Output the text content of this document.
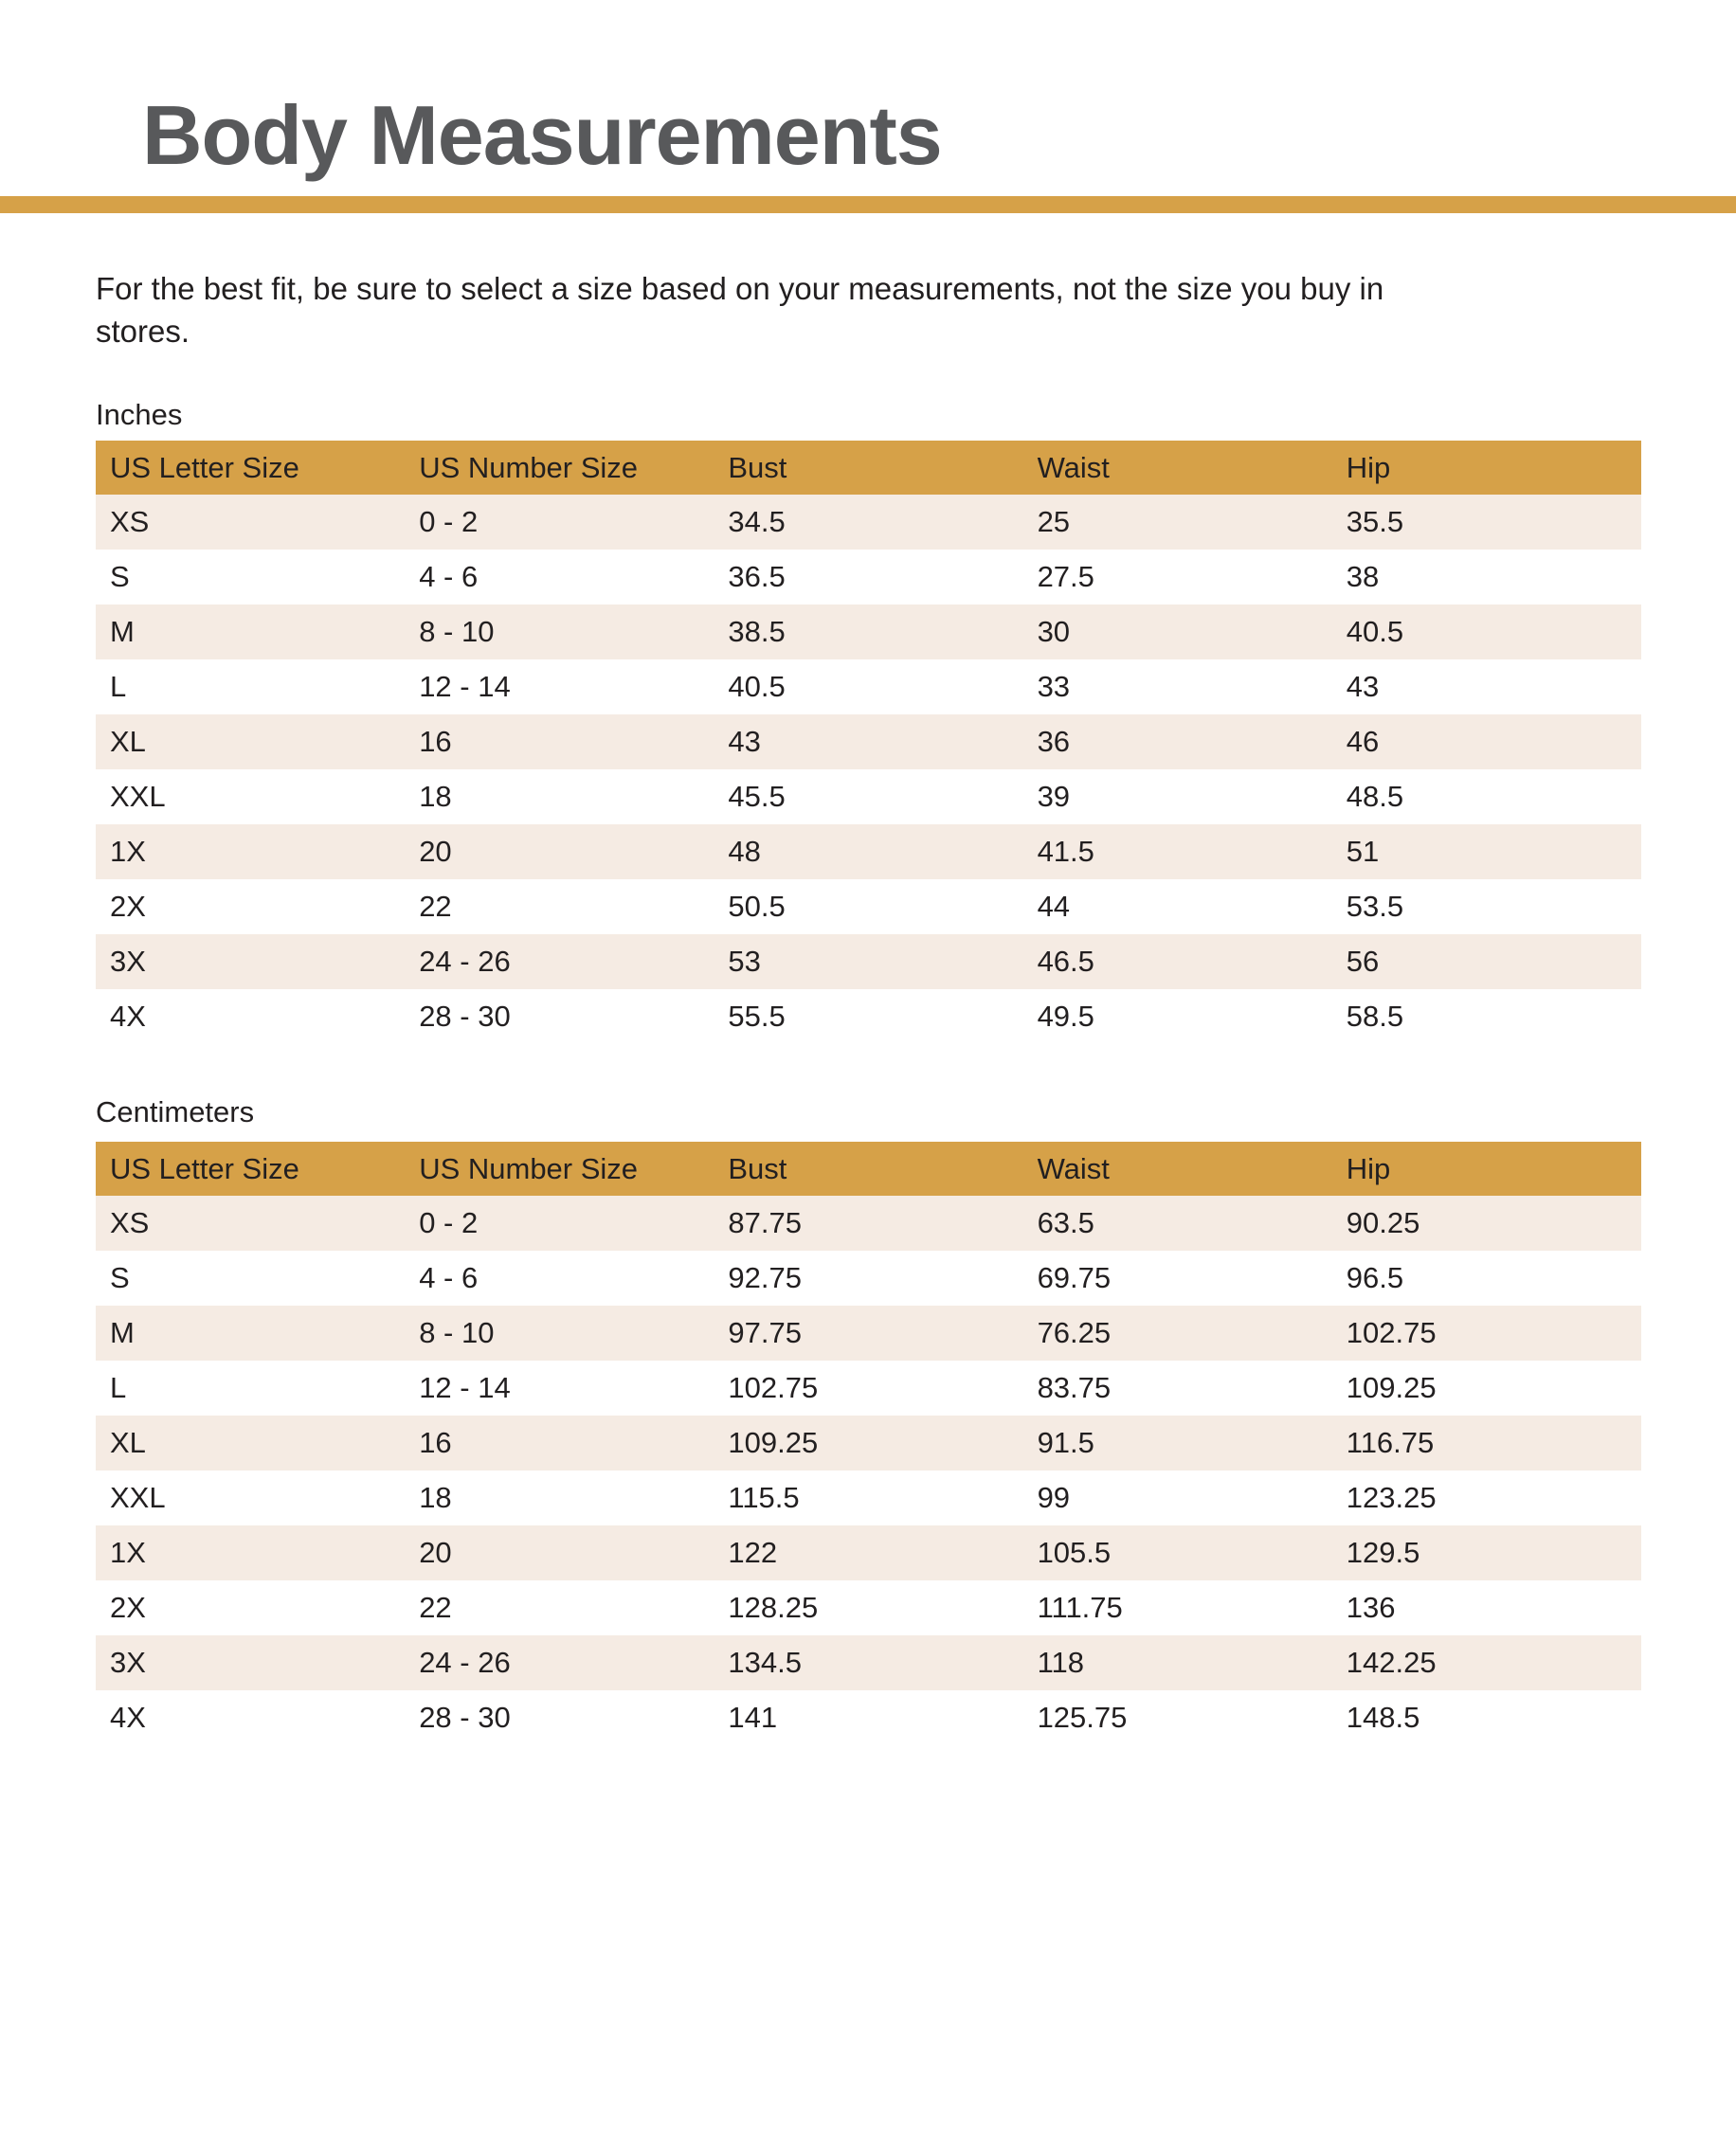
Body Measurements

For the best fit, be sure to select a size based on your measurements, not the size you buy in
stores.

Inches
US Letter Size	US Number Size	Bust	Waist	Hip
XS	0 - 2	34.5	25	35.5
S	4 - 6	36.5	27.5	38
M	8 - 10	38.5	30	40.5
L	12 - 14	40.5	33	43
XL	16	43	36	46
XXL	18	45.5	39	48.5
1X	20	48	41.5	51
2X	22	50.5	44	53.5
3X	24 - 26	53	46.5	56
4X	28 - 30	55.5	49.5	58.5
Centimeters
US Letter Size	US Number Size	Bust	Waist	Hip
XS	0 - 2	87.75	63.5	90.25
S	4 - 6	92.75	69.75	96.5
M	8 - 10	97.75	76.25	102.75
L	12 - 14	102.75	83.75	109.25
XL	16	109.25	91.5	116.75
XXL	18	115.5	99	123.25
1X	20	122	105.5	129.5
2X	22	128.25	111.75	136
3X	24 - 26	134.5	118	142.25
4X	28 - 30	141	125.75	148.5
